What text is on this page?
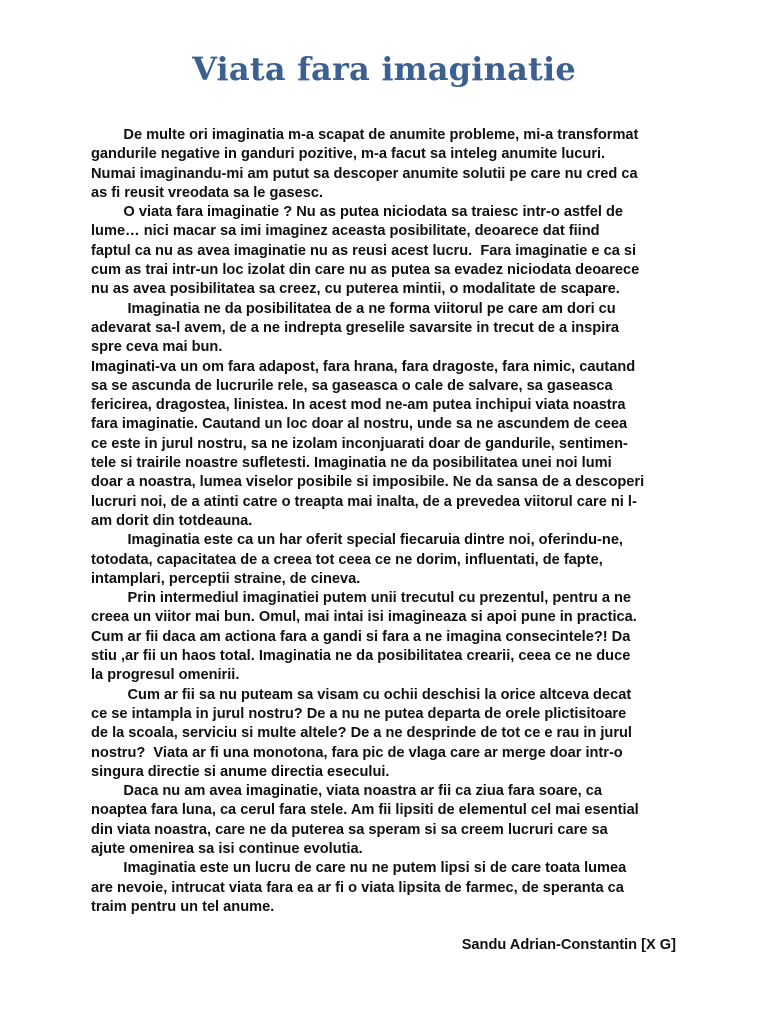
Viata fara imaginatie
De multe ori imaginatia m-a scapat de anumite probleme, mi-a transformat
gandurile negative in ganduri pozitive, m-a facut sa inteleg anumite lucuri.
Numai imaginandu-mi am putut sa descoper anumite solutii pe care nu cred ca
as fi reusit vreodata sa le gasesc.
O viata fara imaginatie ? Nu as putea niciodata sa traiesc intr-o astfel de
lume… nici macar sa imi imaginez aceasta posibilitate, deoarece dat fiind
faptul ca nu as avea imaginatie nu as reusi acest lucru.  Fara imaginatie e ca si
cum as trai intr-un loc izolat din care nu as putea sa evadez niciodata deoarece
nu as avea posibilitatea sa creez, cu puterea mintii, o modalitate de scapare.
Imaginatia ne da posibilitatea de a ne forma viitorul pe care am dori cu
adevarat sa-l avem, de a ne indrepta greselile savarsite in trecut de a inspira
spre ceva mai bun.
Imaginati-va un om fara adapost, fara hrana, fara dragoste, fara nimic, cautand
sa se ascunda de lucrurile rele, sa gaseasca o cale de salvare, sa gaseasca
fericirea, dragostea, linistea. In acest mod ne-am putea inchipui viata noastra
fara imaginatie. Cautand un loc doar al nostru, unde sa ne ascundem de ceea
ce este in jurul nostru, sa ne izolam inconjuarati doar de gandurile, sentimen-
tele si trairile noastre sufletesti. Imaginatia ne da posibilitatea unei noi lumi
doar a noastra, lumea viselor posibile si imposibile. Ne da sansa de a descoperi
lucruri noi, de a atinti catre o treapta mai inalta, de a prevedea viitorul care ni l-
am dorit din totdeauna.
Imaginatia este ca un har oferit special fiecaruia dintre noi, oferindu-ne,
totodata, capacitatea de a creea tot ceea ce ne dorim, influentati, de fapte,
intamplari, perceptii straine, de cineva.
Prin intermediul imaginatiei putem unii trecutul cu prezentul, pentru a ne
creea un viitor mai bun. Omul, mai intai isi imagineaza si apoi pune in practica.
Cum ar fii daca am actiona fara a gandi si fara a ne imagina consecintele?! Da
stiu ,ar fii un haos total. Imaginatia ne da posibilitatea crearii, ceea ce ne duce
la progresul omenirii.
Cum ar fii sa nu puteam sa visam cu ochii deschisi la orice altceva decat
ce se intampla in jurul nostru? De a nu ne putea departa de orele plictisitoare
de la scoala, serviciu si multe altele? De a ne desprinde de tot ce e rau in jurul
nostru?  Viata ar fi una monotona, fara pic de vlaga care ar merge doar intr-o
singura directie si anume directia esecului.
Daca nu am avea imaginatie, viata noastra ar fii ca ziua fara soare, ca
noaptea fara luna, ca cerul fara stele. Am fii lipsiti de elementul cel mai esential
din viata noastra, care ne da puterea sa speram si sa creem lucruri care sa
ajute omenirea sa isi continue evolutia.
Imaginatia este un lucru de care nu ne putem lipsi si de care toata lumea
are nevoie, intrucat viata fara ea ar fi o viata lipsita de farmec, de speranta ca
traim pentru un tel anume.
Sandu Adrian-Constantin [X G]
